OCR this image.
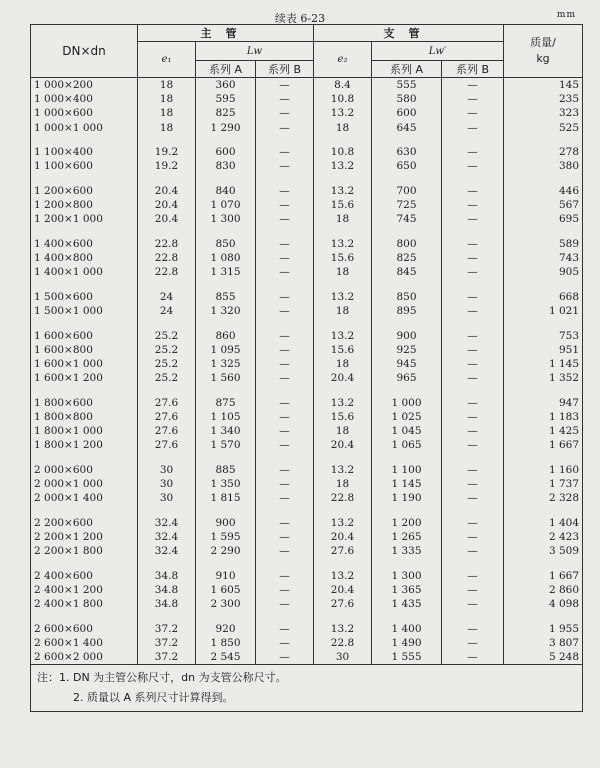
续表 6-23	mm
DN×dn	主管			支管			质量/
kg
	e₁	Lw		e₂	Lw′		
		系列 A	系列 B		系列 A	系列 B	
1 000×200	18	360	—	8.4	555	—	145
1 000×400	18	595	—	10.8	580	—	235
1 000×600	18	825	—	13.2	600	—	323
1 000×1 000	18	1 290	—	18	645	—	525

1 100×400	19.2	600	—	10.8	630	—	278
1 100×600	19.2	830	—	13.2	650	—	380

1 200×600	20.4	840	—	13.2	700	—	446
1 200×800	20.4	1 070	—	15.6	725	—	567
1 200×1 000	20.4	1 300	—	18	745	—	695

1 400×600	22.8	850	—	13.2	800	—	589
1 400×800	22.8	1 080	—	15.6	825	—	743
1 400×1 000	22.8	1 315	—	18	845	—	905

1 500×600	24	855	—	13.2	850	—	668
1 500×1 000	24	1 320	—	18	895	—	1 021

1 600×600	25.2	860	—	13.2	900	—	753
1 600×800	25.2	1 095	—	15.6	925	—	951
1 600×1 000	25.2	1 325	—	18	945	—	1 145
1 600×1 200	25.2	1 560	—	20.4	965	—	1 352

1 800×600	27.6	875	—	13.2	1 000	—	947
1 800×800	27.6	1 105	—	15.6	1 025	—	1 183
1 800×1 000	27.6	1 340	—	18	1 045	—	1 425
1 800×1 200	27.6	1 570	—	20.4	1 065	—	1 667

2 000×600	30	885	—	13.2	1 100	—	1 160
2 000×1 000	30	1 350	—	18	1 145	—	1 737
2 000×1 400	30	1 815	—	22.8	1 190	—	2 328

2 200×600	32.4	900	—	13.2	1 200	—	1 404
2 200×1 200	32.4	1 595	—	20.4	1 265	—	2 423
2 200×1 800	32.4	2 290	—	27.6	1 335	—	3 509

2 400×600	34.8	910	—	13.2	1 300	—	1 667
2 400×1 200	34.8	1 605	—	20.4	1 365	—	2 860
2 400×1 800	34.8	2 300	—	27.6	1 435	—	4 098

2 600×600	37.2	920	—	13.2	1 400	—	1 955
2 600×1 400	37.2	1 850	—	22.8	1 490	—	3 807
2 600×2 000	37.2	2 545	—	30	1 555	—	5 248

注：1. DN 为主管公称尺寸，dn 为支管公称尺寸。
2. 质量以 A 系列尺寸计算得到。							
